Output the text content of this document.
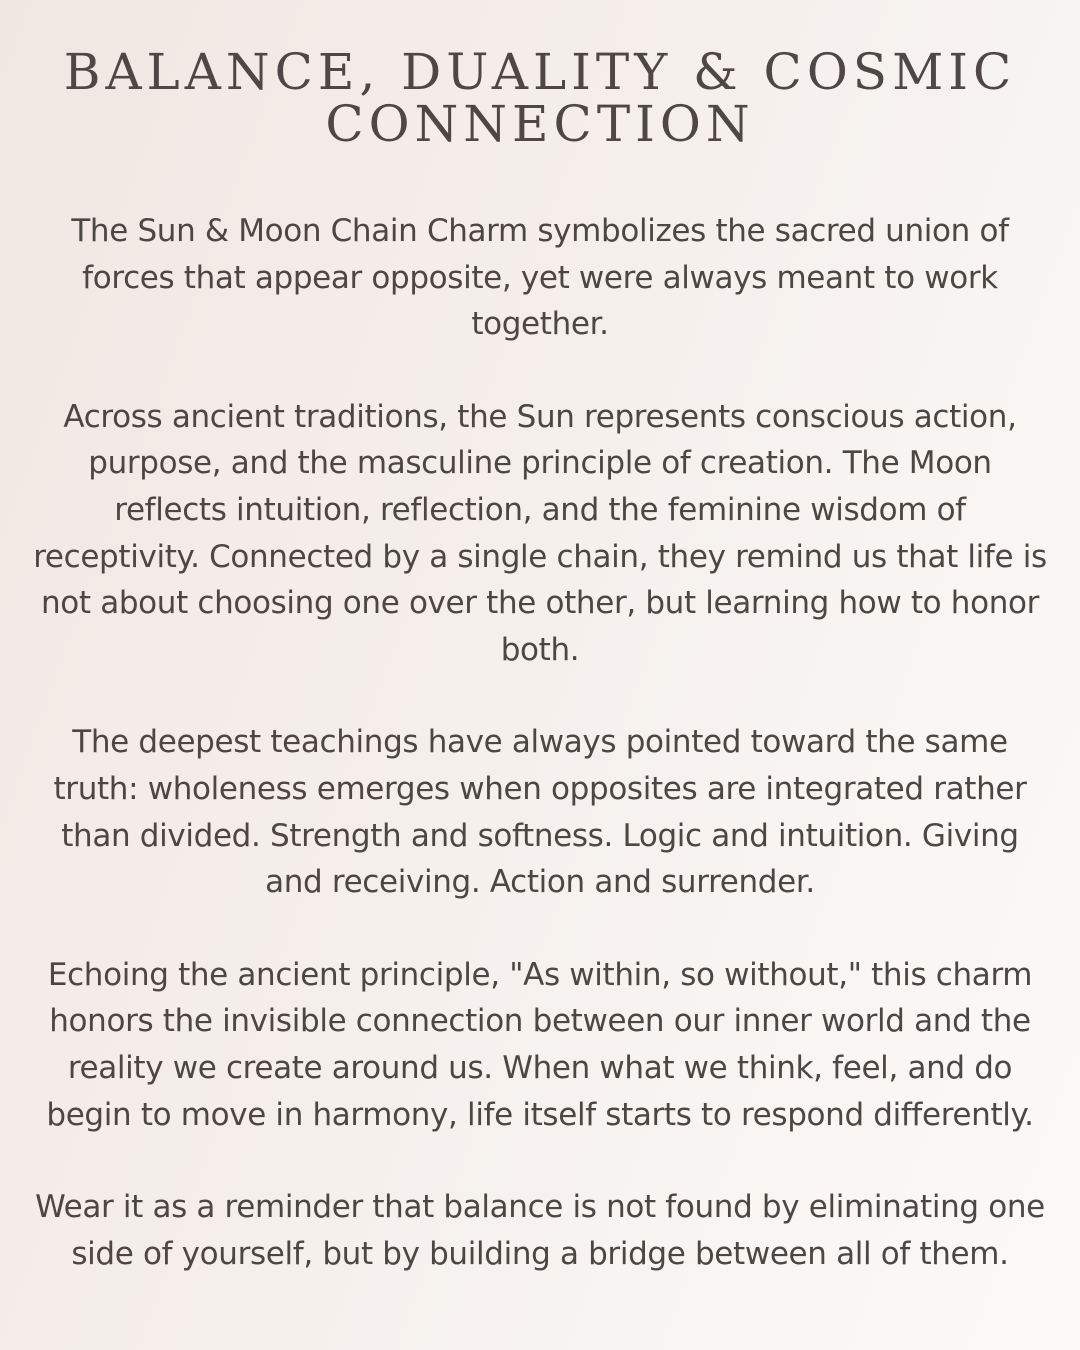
BALANCE, DUALITY & COSMIC CONNECTION

The Sun & Moon Chain Charm symbolizes the sacred union of forces that appear opposite, yet were always meant to work together.

Across ancient traditions, the Sun represents conscious action, purpose, and the masculine principle of creation. The Moon reflects intuition, reflection, and the feminine wisdom of receptivity. Connected by a single chain, they remind us that life is not about choosing one over the other, but learning how to honor both.

The deepest teachings have always pointed toward the same truth: wholeness emerges when opposites are integrated rather than divided. Strength and softness. Logic and intuition. Giving and receiving. Action and surrender.

Echoing the ancient principle, "As within, so without," this charm honors the invisible connection between our inner world and the reality we create around us. When what we think, feel, and do begin to move in harmony, life itself starts to respond differently.

Wear it as a reminder that balance is not found by eliminating one side of yourself, but by building a bridge between all of them.
